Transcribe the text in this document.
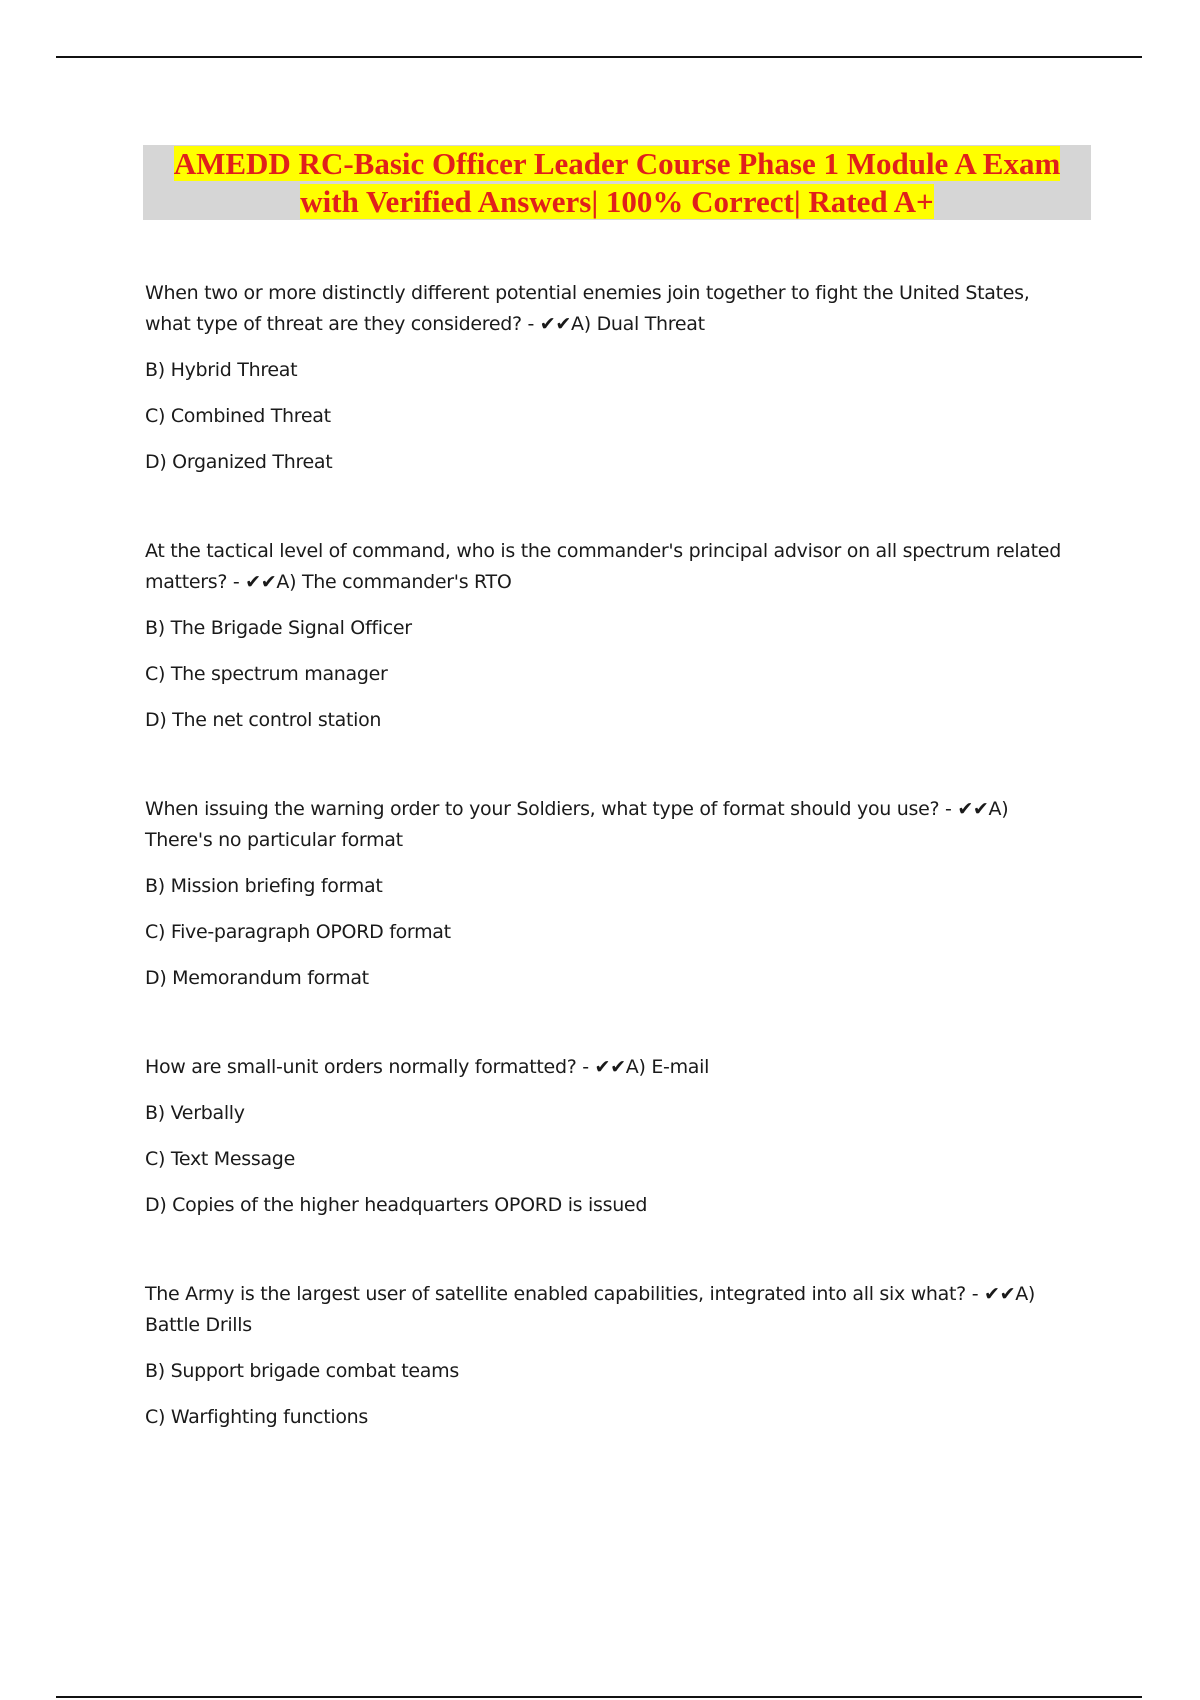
AMEDD RC-Basic Officer Leader Course Phase 1 Module A Exam
with Verified Answers| 100% Correct| Rated A+

When two or more distinctly different potential enemies join together to fight the United States, what type of threat are they considered? - ✔✔A) Dual Threat

B) Hybrid Threat

C) Combined Threat

D) Organized Threat

At the tactical level of command, who is the commander's principal advisor on all spectrum related matters? - ✔✔A) The commander's RTO

B) The Brigade Signal Officer

C) The spectrum manager

D) The net control station

When issuing the warning order to your Soldiers, what type of format should you use? - ✔✔A) There's no particular format

B) Mission briefing format

C) Five-paragraph OPORD format

D) Memorandum format

How are small-unit orders normally formatted? - ✔✔A) E-mail

B) Verbally

C) Text Message

D) Copies of the higher headquarters OPORD is issued

The Army is the largest user of satellite enabled capabilities, integrated into all six what? - ✔✔A) Battle Drills

B) Support brigade combat teams

C) Warfighting functions
